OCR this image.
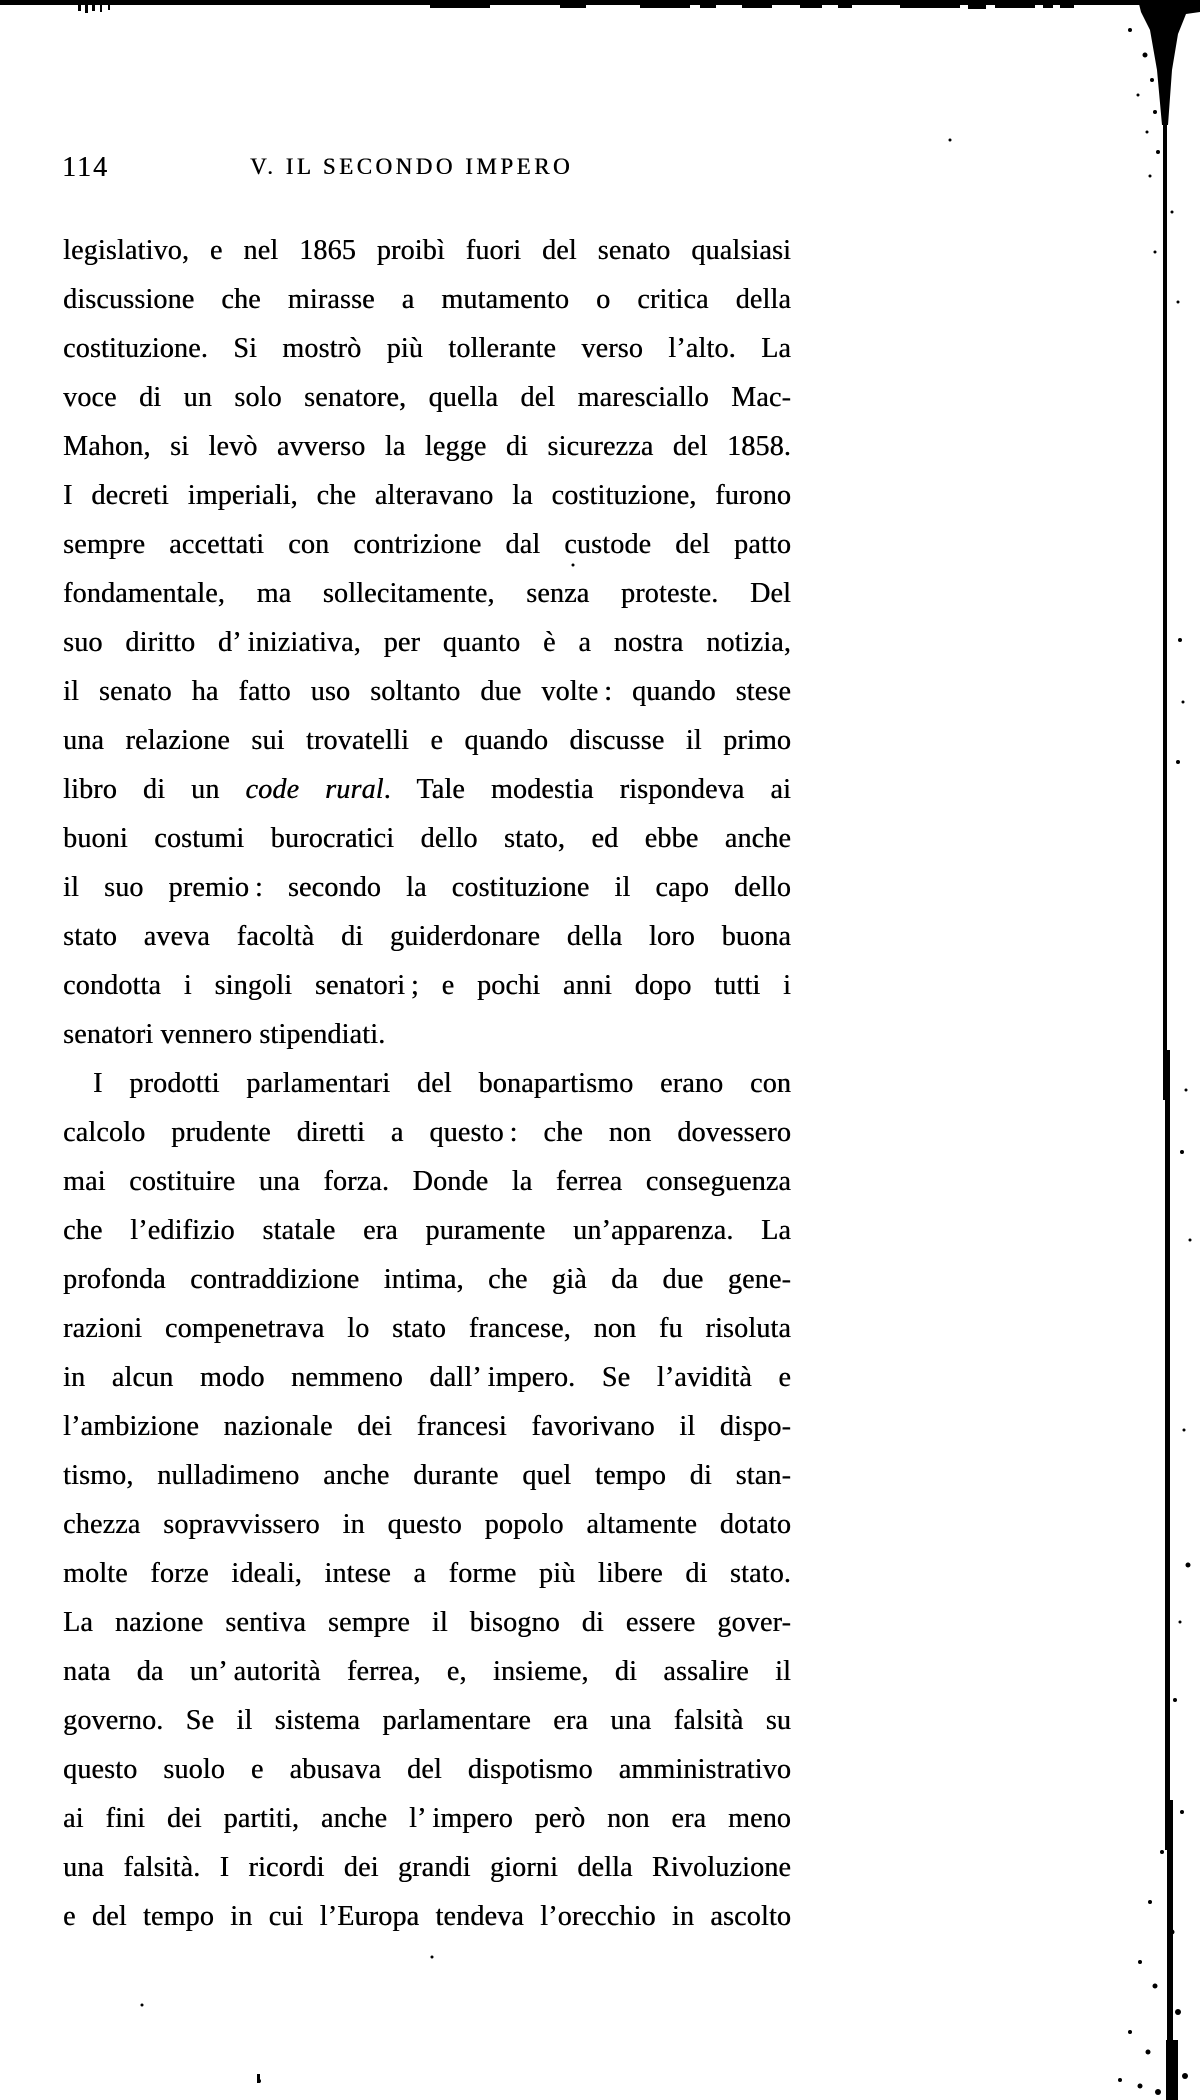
114	V. IL SECONDO IMPERO
legislativo, e nel 1865 proibì fuori del senato qualsiasi
discussione che mirasse a mutamento o critica della
costituzione. Si mostrò più tollerante verso l’alto. La
voce di un solo senatore, quella del maresciallo Mac-
Mahon, si levò avverso la legge di sicurezza del 1858.
I decreti imperiali, che alteravano la costituzione, furono
sempre accettati con contrizione dal custode del patto
fondamentale, ma sollecitamente, senza proteste. Del
suo diritto d’ iniziativa, per quanto è a nostra notizia,
il senato ha fatto uso soltanto due volte : quando stese
una relazione sui trovatelli e quando discusse il primo
libro di un code rural. Tale modestia rispondeva ai
buoni costumi burocratici dello stato, ed ebbe anche
il suo premio : secondo la costituzione il capo dello
stato aveva facoltà di guiderdonare della loro buona
condotta i singoli senatori ; e pochi anni dopo tutti i
senatori vennero stipendiati.
I prodotti parlamentari del bonapartismo erano con
calcolo prudente diretti a questo : che non dovessero
mai costituire una forza. Donde la ferrea conseguenza
che l’edifizio statale era puramente un’apparenza. La
profonda contraddizione intima, che già da due gene-
razioni compenetrava lo stato francese, non fu risoluta
in alcun modo nemmeno dall’ impero. Se l’avidità e
l’ambizione nazionale dei francesi favorivano il dispo-
tismo, nulladimeno anche durante quel tempo di stan-
chezza sopravvissero in questo popolo altamente dotato
molte forze ideali, intese a forme più libere di stato.
La nazione sentiva sempre il bisogno di essere gover-
nata da un’ autorità ferrea, e, insieme, di assalire il
governo. Se il sistema parlamentare era una falsità su
questo suolo e abusava del dispotismo amministrativo
ai fini dei partiti, anche l’ impero però non era meno
una falsità. I ricordi dei grandi giorni della Rivoluzione
e del tempo in cui l’Europa tendeva l’orecchio in ascolto
